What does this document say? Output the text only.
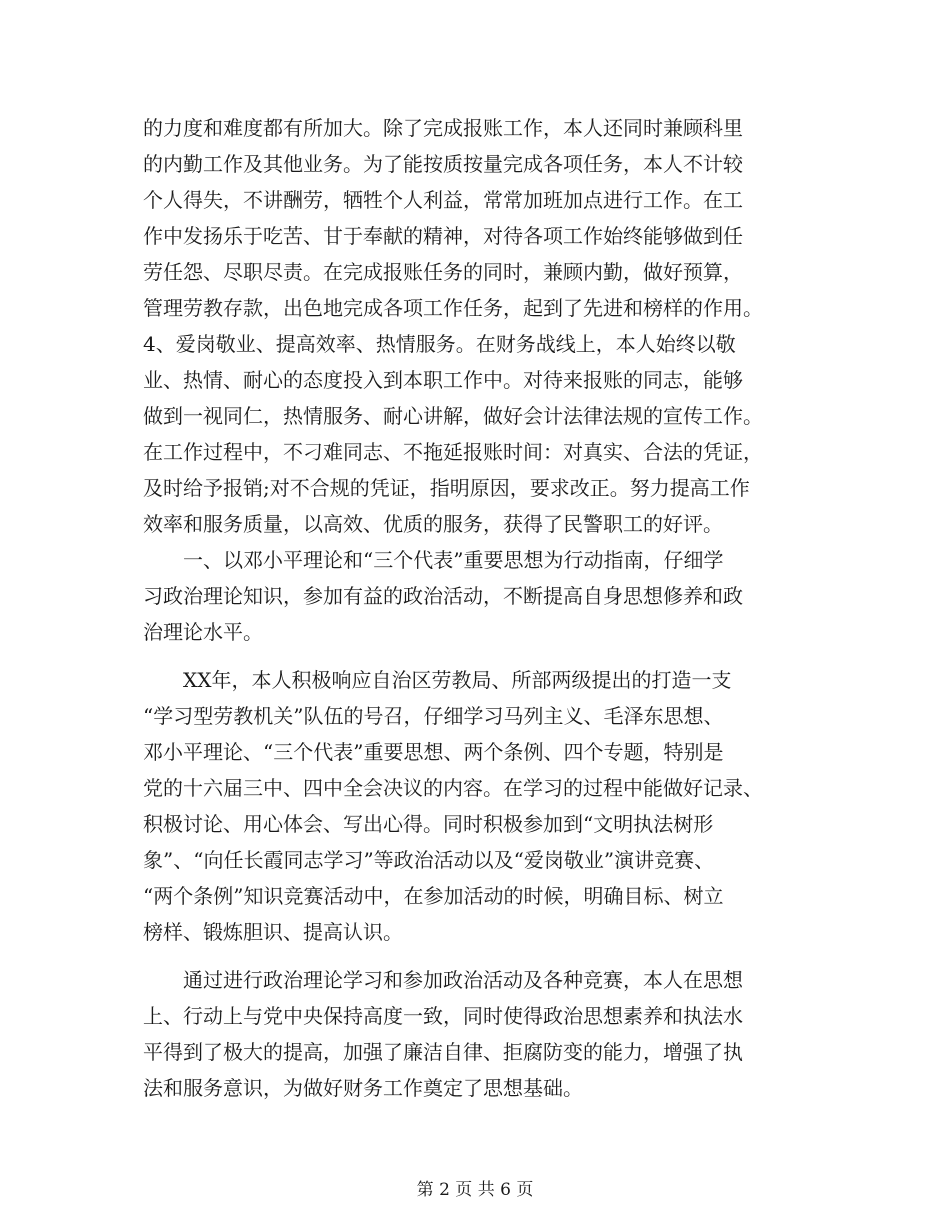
的力度和难度都有所加大。除了完成报账工作，本人还同时兼顾科里
的内勤工作及其他业务。为了能按质按量完成各项任务，本人不计较
个人得失，不讲酬劳，牺牲个人利益，常常加班加点进行工作。在工
作中发扬乐于吃苦、甘于奉献的精神，对待各项工作始终能够做到任
劳任怨、尽职尽责。在完成报账任务的同时，兼顾内勤，做好预算，
管理劳教存款，出色地完成各项工作任务，起到了先进和榜样的作用。
4、爱岗敬业、提高效率、热情服务。在财务战线上，本人始终以敬
业、热情、耐心的态度投入到本职工作中。对待来报账的同志，能够
做到一视同仁，热情服务、耐心讲解，做好会计法律法规的宣传工作。
在工作过程中，不刁难同志、不拖延报账时间：对真实、合法的凭证，
及时给予报销;对不合规的凭证，指明原因，要求改正。努力提高工作
效率和服务质量，以高效、优质的服务，获得了民警职工的好评。
　　一、以邓小平理论和“三个代表”重要思想为行动指南，仔细学
习政治理论知识，参加有益的政治活动，不断提高自身思想修养和政
治理论水平。
　　XX年，本人积极响应自治区劳教局、所部两级提出的打造一支
“学习型劳教机关”队伍的号召，仔细学习马列主义、毛泽东思想、
邓小平理论、“三个代表”重要思想、两个条例、四个专题，特别是
党的十六届三中、四中全会决议的内容。在学习的过程中能做好记录、
积极讨论、用心体会、写出心得。同时积极参加到“文明执法树形
象”、“向任长霞同志学习”等政治活动以及“爱岗敬业”演讲竞赛、
“两个条例”知识竞赛活动中，在参加活动的时候，明确目标、树立
榜样、锻炼胆识、提高认识。
　　通过进行政治理论学习和参加政治活动及各种竞赛，本人在思想
上、行动上与党中央保持高度一致，同时使得政治思想素养和执法水
平得到了极大的提高，加强了廉洁自律、拒腐防变的能力，增强了执
法和服务意识，为做好财务工作奠定了思想基础。
第 2 页 共 6 页
